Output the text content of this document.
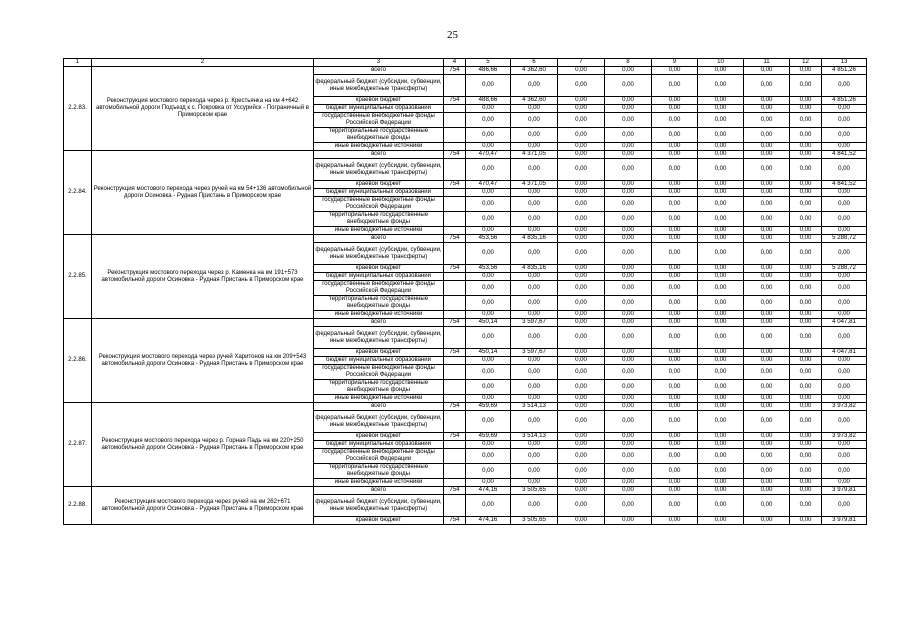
25
1	2	3	4	5	6	7	8	9	10	11	12	13
2.2.83.	Реконструкция мостового перехода через р. Крестьянка на км 4+642 автомобильной дороги Подъезд к с. Покровка от Уссурийск - Пограничный в Приморском крае	всего	754	486,66	4 362,60	0,00	0,00	0,00	0,00	0,00	0,00	4 851,26
		федеральный бюджет (субсидии, субвенции, иные межбюджетные трансферты)		0,00	0,00	0,00	0,00	0,00	0,00	0,00	0,00	0,00
		краевой бюджет	754	488,66	4 362,60	0,00	0,00	0,00	0,00	0,00	0,00	4 851,26
		бюджет муниципальных образований		0,00	0,00	0,00	0,00	0,00	0,00	0,00	0,00	0,00
		государственные внебюджетные фонды Российской Федерации		0,00	0,00	0,00	0,00	0,00	0,00	0,00	0,00	0,00
		территориальные государственные внебюджетные фонды		0,00	0,00	0,00	0,00	0,00	0,00	0,00	0,00	0,00
		иные внебюджетные источники		0,00	0,00	0,00	0,00	0,00	0,00	0,00	0,00	0,00
2.2.84.	Реконструкция мостового перехода через ручей на км 54+136 автомобильной дороги Осиновка - Рудная Пристань в Приморском крае	всего	754	470,47	4 371,05	0,00	0,00	0,00	0,00	0,00	0,00	4 841,52
		федеральный бюджет (субсидии, субвенции, иные межбюджетные трансферты)		0,00	0,00	0,00	0,00	0,00	0,00	0,00	0,00	0,00
		краевой бюджет	754	470,47	4 371,05	0,00	0,00	0,00	0,00	0,00	0,00	4 841,52
		бюджет муниципальных образований		0,00	0,00	0,00	0,00	0,00	0,00	0,00	0,00	0,00
		государственные внебюджетные фонды Российской Федерации		0,00	0,00	0,00	0,00	0,00	0,00	0,00	0,00	0,00
		территориальные государственные внебюджетные фонды		0,00	0,00	0,00	0,00	0,00	0,00	0,00	0,00	0,00
		иные внебюджетные источники		0,00	0,00	0,00	0,00	0,00	0,00	0,00	0,00	0,00
2.2.85.	Реконструкция мостового перехода через р. Каменка на км 191+573 автомобильной дороги Осиновка - Рудная Пристань в Приморском крае	всего	754	453,56	4 835,16	0,00	0,00	0,00	0,00	0,00	0,00	5 288,72
		федеральный бюджет (субсидии, субвенции, иные межбюджетные трансферты)		0,00	0,00	0,00	0,00	0,00	0,00	0,00	0,00	0,00
		краевой бюджет	754	453,56	4 835,16	0,00	0,00	0,00	0,00	0,00	0,00	5 288,72
		бюджет муниципальных образований		0,00	0,00	0,00	0,00	0,00	0,00	0,00	0,00	0,00
		государственные внебюджетные фонды Российской Федерации		0,00	0,00	0,00	0,00	0,00	0,00	0,00	0,00	0,00
		территориальные государственные внебюджетные фонды		0,00	0,00	0,00	0,00	0,00	0,00	0,00	0,00	0,00
		иные внебюджетные источники		0,00	0,00	0,00	0,00	0,00	0,00	0,00	0,00	0,00
2.2.86.	Реконструкция мостового перехода через ручей Харитонов на км 209+543 автомобильной дороги Осиновка - Рудная Пристань в Приморском крае	всего	754	450,14	3 597,67	0,00	0,00	0,00	0,00	0,00	0,00	4 047,81
		федеральный бюджет (субсидии, субвенции, иные межбюджетные трансферты)		0,00	0,00	0,00	0,00	0,00	0,00	0,00	0,00	0,00
		краевой бюджет	754	450,14	3 597,67	0,00	0,00	0,00	0,00	0,00	0,00	4 047,81
		бюджет муниципальных образований		0,00	0,00	0,00	0,00	0,00	0,00	0,00	0,00	0,00
		государственные внебюджетные фонды Российской Федерации		0,00	0,00	0,00	0,00	0,00	0,00	0,00	0,00	0,00
		территориальные государственные внебюджетные фонды		0,00	0,00	0,00	0,00	0,00	0,00	0,00	0,00	0,00
		иные внебюджетные источники		0,00	0,00	0,00	0,00	0,00	0,00	0,00	0,00	0,00
2.2.87.	Реконструкция мостового перехода через р. Горная Падь на км 220+250 автомобильной дороги Осиновка - Рудная Пристань в Приморском крае	всего	754	459,69	3 514,13	0,00	0,00	0,00	0,00	0,00	0,00	3 973,82
		федеральный бюджет (субсидии, субвенции, иные межбюджетные трансферты)		0,00	0,00	0,00	0,00	0,00	0,00	0,00	0,00	0,00
		краевой бюджет	754	459,69	3 514,13	0,00	0,00	0,00	0,00	0,00	0,00	3 973,82
		бюджет муниципальных образований		0,00	0,00	0,00	0,00	0,00	0,00	0,00	0,00	0,00
		государственные внебюджетные фонды Российской Федерации		0,00	0,00	0,00	0,00	0,00	0,00	0,00	0,00	0,00
		территориальные государственные внебюджетные фонды		0,00	0,00	0,00	0,00	0,00	0,00	0,00	0,00	0,00
		иные внебюджетные источники		0,00	0,00	0,00	0,00	0,00	0,00	0,00	0,00	0,00
2.2.88.	Реконструкция мостового перехода через ручей на км 262+671 автомобильной дороги Осиновка - Рудная Пристань в Приморском крае	всего	754	474,16	3 505,65	0,00	0,00	0,00	0,00	0,00	0,00	3 979,81
		федеральный бюджет (субсидии, субвенции, иные межбюджетные трансферты)		0,00	0,00	0,00	0,00	0,00	0,00	0,00	0,00	0,00
		краевой бюджет	754	474,16	3 505,65	0,00	0,00	0,00	0,00	0,00	0,00	3 979,81
